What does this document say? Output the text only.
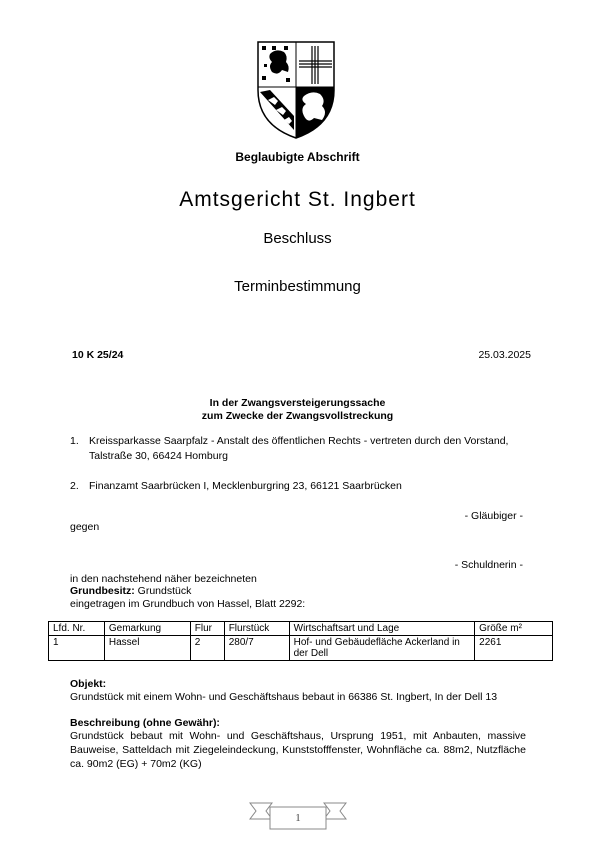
Beglaubigte Abschrift
Amtsgericht St. Ingbert
Beschluss
Terminbestimmung
10 K 25/24	25.03.2025
In der Zwangsversteigerungssache
zum Zwecke der Zwangsvollstreckung
1. Kreissparkasse Saarpfalz - Anstalt des öffentlichen Rechts - vertreten durch den Vorstand,
Talstraße 30, 66424 Homburg
2. Finanzamt Saarbrücken I, Mecklenburgring 23, 66121 Saarbrücken
- Gläubiger -
gegen
- Schuldnerin -
in den nachstehend näher bezeichneten
Grundbesitz: Grundstück
eingetragen im Grundbuch von Hassel, Blatt 2292:
Lfd. Nr.	Gemarkung	Flur	Flurstück	Wirtschaftsart und Lage	Größe m²
1	Hassel	2	280/7	Hof- und Gebäudefläche Ackerland in der Dell	2261
Objekt:
Grundstück mit einem Wohn- und Geschäftshaus bebaut in 66386 St. Ingbert, In der Dell 13
Beschreibung (ohne Gewähr):
Grundstück bebaut mit Wohn- und Geschäftshaus, Ursprung 1951, mit Anbauten, massive Bauweise, Satteldach mit Ziegeleindeckung, Kunststofffenster, Wohnfläche ca. 88m2, Nutzfläche ca. 90m2 (EG) + 70m2 (KG)
1
